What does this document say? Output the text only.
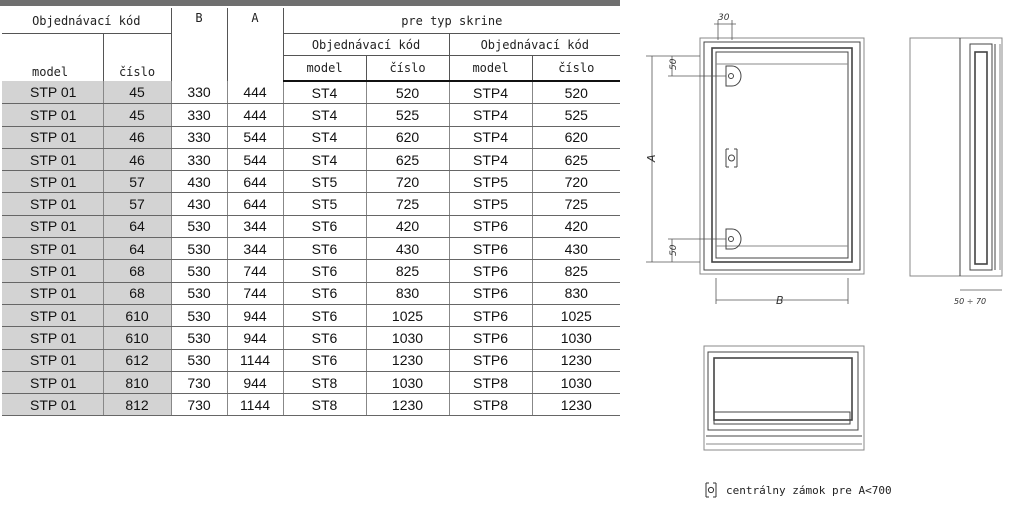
Objednávací kód		B	A	pre typ skrine			
model	číslo			Objednávací kód		Objednávací kód	
				model	číslo	model	číslo
STP 01	45	330	444	ST4	520	STP4	520
STP 01	45	330	444	ST4	525	STP4	525
STP 01	46	330	544	ST4	620	STP4	620
STP 01	46	330	544	ST4	625	STP4	625
STP 01	57	430	644	ST5	720	STP5	720
STP 01	57	430	644	ST5	725	STP5	725
STP 01	64	530	344	ST6	420	STP6	420
STP 01	64	530	344	ST6	430	STP6	430
STP 01	68	530	744	ST6	825	STP6	825
STP 01	68	530	744	ST6	830	STP6	830
STP 01	610	530	944	ST6	1025	STP6	1025
STP 01	610	530	944	ST6	1030	STP6	1030
STP 01	612	530	1144	ST6	1230	STP6	1230
STP 01	810	730	944	ST8	1030	STP8	1030
STP 01	812	730	1144	ST8	1230	STP8	1230
30
50
50
A
B	50 ÷ 70
centrálny zámok pre A<700
